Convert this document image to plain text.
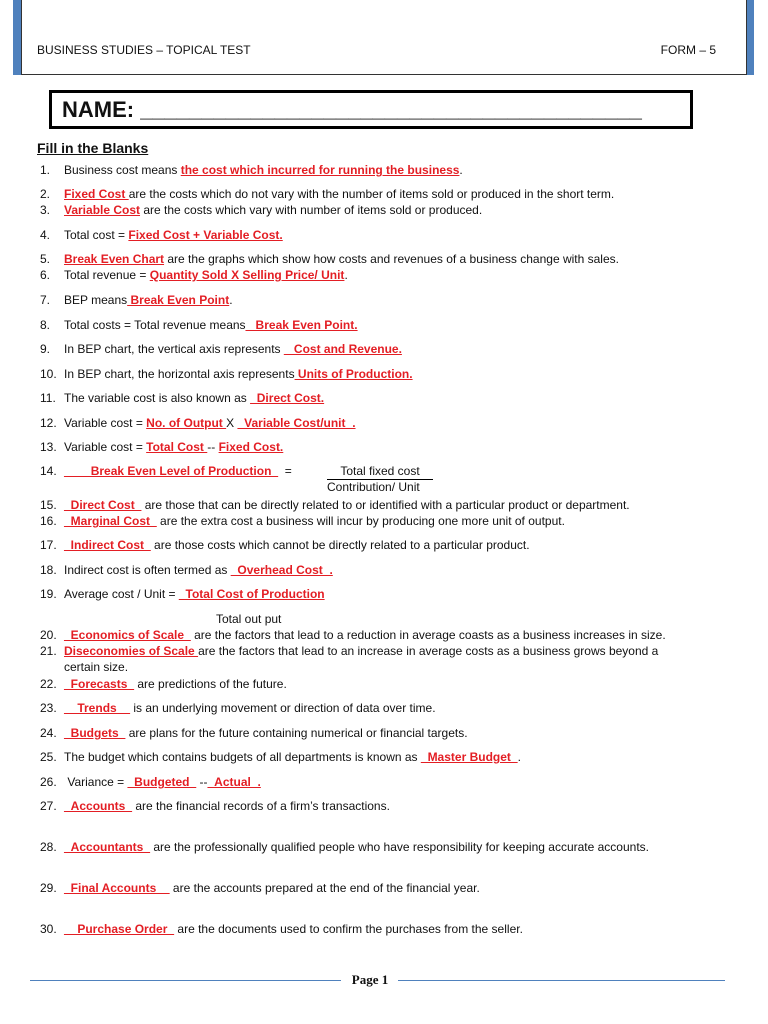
BUSINESS STUDIES – TOPICAL TEST	FORM – 5
NAME: _________________________________________
Fill in the Blanks
Page 1
1. Business cost means the cost which incurred for running the business.
2. Fixed Cost are the costs which do not vary with the number of items sold or produced in the short term.
3. Variable Cost are the costs which vary with number of items sold or produced.
4. Total cost = Fixed Cost + Variable Cost.
5. Break Even Chart are the graphs which show how costs and revenues of a business change with sales.
6. Total revenue = Quantity Sold X Selling Price/ Unit.
7. BEP means Break Even Point.
8. Total costs = Total revenue means_ Break Even Point.
9. In BEP chart, the vertical axis represents _ Cost and Revenue.
10. In BEP chart, the horizontal axis represents Units of Production.
11. The variable cost is also known as _Direct Cost.
12. Variable cost = No. of Output X _Variable Cost/unit_.
13. Variable cost = Total Cost -- Fixed Cost.
14. ____Break Even Level of Production_  =	Total fixed cost
Contribution/ Unit
15. _Direct Cost_ are those that can be directly related to or identified with a particular product or department.
16. _Marginal Cost_ are the extra cost a business will incur by producing one more unit of output.
17. _Indirect Cost_ are those costs which cannot be directly related to a particular product.
18. Indirect cost is often termed as _Overhead Cost_.
19. Average cost / Unit = _Total Cost of Production
Total out put
20. _Economics of Scale_ are the factors that lead to a reduction in average coasts as a business increases in size.
21. Diseconomies of Scale are the factors that lead to an increase in average costs as a business grows beyond a
certain size.
22. _Forecasts_ are predictions of the future.
23. __Trends__ is an underlying movement or direction of data over time.
24. _Budgets_ are plans for the future containing numerical or financial targets.
25. The budget which contains budgets of all departments is known as _Master Budget_.
26. Variance = _Budgeted_ --_Actual_.
27. _Accounts_ are the financial records of a firm’s transactions.
28. _Accountants_ are the professionally qualified people who have responsibility for keeping accurate accounts.
29. _Final Accounts__ are the accounts prepared at the end of the financial year.
30. __Purchase Order_ are the documents used to confirm the purchases from the seller.
